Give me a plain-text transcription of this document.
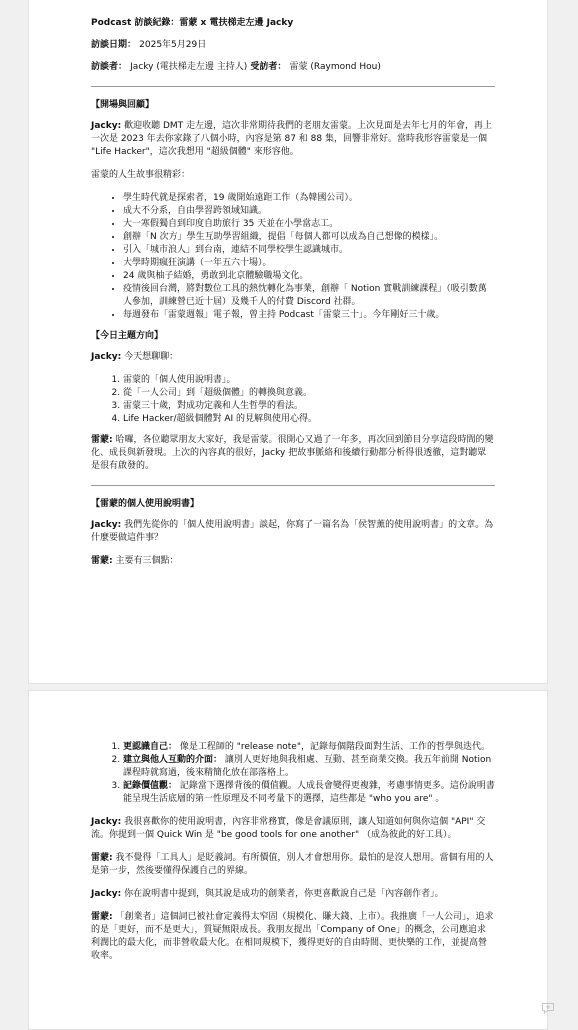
Podcast 訪談紀錄：雷蒙 x 電扶梯走左邊 Jacky

訪談日期： 2025年5月29日

訪談者： Jacky (電扶梯走左邊 主持人) 受訪者： 雷蒙 (Raymond Hou)

【開場與回顧】

Jacky: 歡迎收聽 DMT 走左邊，這次非常期待我們的老朋友雷蒙。上次見面是去年七月的年會，再上一次是 2023 年去你家錄了八個小時，內容是第 87 和 88 集，回響非常好。當時我形容雷蒙是一個 "Life Hacker"，這次我想用 "超級個體" 來形容他。

雷蒙的人生故事很精彩：

• 學生時代就是探索者，19 歲開始遠距工作（為韓國公司）。
• 成大不分系，自由學習跨領域知識。
• 大一寒假獨自到印度自助旅行 35 天並在小學當志工。
• 創辦「N 次方」學生互助學習組織，提倡「每個人都可以成為自己想像的模樣」。
• 引入「城市浪人」到台南，連結不同學校學生認識城市。
• 大學時期瘋狂演講（一年五六十場）。
• 24 歲與柚子結婚，勇敢到北京體驗職場文化。
• 疫情後回台灣，將對數位工具的熱忱轉化為事業，創辦「 Notion 實戰訓練課程」（吸引數萬人參加，訓練營已近十屆）及幾千人的付費 Discord 社群。
• 每週發布「雷蒙週報」電子報，曾主持 Podcast「雷蒙三十」。今年剛好三十歲。

【今日主題方向】

Jacky: 今天想聊聊：

1. 雷蒙的「個人使用說明書」。
2. 從「一人公司」到「超級個體」的轉換與意義。
3. 雷蒙三十歲，對成功定義和人生哲學的看法。
4. Life Hacker/超級個體對 AI 的見解與使用心得。

雷蒙: 哈囉，各位聽眾朋友大家好，我是雷蒙。很開心又過了一年多，再次回到節目分享這段時間的變化、成長與新發現。上次的內容真的很好，Jacky 把故事脈絡和後續行動都分析得很透徹，這對聽眾是很有啟發的。

【雷蒙的個人使用說明書】

Jacky: 我們先從你的「個人使用說明書」談起，你寫了一篇名為「侯智薰的使用說明書」的文章。為什麼要做這件事？

雷蒙: 主要有三個點：

1. 更認識自己： 像是工程師的 "release note"，記錄每個階段面對生活、工作的哲學與迭代。
2. 建立與他人互動的介面： 讓別人更好地與我相處、互動、甚至商業交換。我五年前開 Notion 課程時就寫過，後來精簡化放在部落格上。
3. 記錄價值觀： 記錄當下選擇背後的價值觀。人成長會變得更複雜，考慮事情更多。這份說明書能呈現生活底層的第一性原理及不同考量下的選擇，這些都是 "who you are" 。

Jacky: 我很喜歡你的使用說明書，內容非常務實，像是會議原則，讓人知道如何與你這個 "API" 交流。你提到一個 Quick Win 是 "be good tools for one another" （成為彼此的好工具）。

雷蒙: 我不覺得「工具人」是貶義詞。有所價值，別人才會想用你。最怕的是沒人想用。當個有用的人是第一步，然後要懂得保護自己的界線。

Jacky: 你在說明書中提到，與其說是成功的創業者，你更喜歡說自己是「內容創作者」。

雷蒙: 「創業者」這個詞已被社會定義得太窄固（規模化、賺大錢、上市）。我推廣「一人公司」，追求的是「更好，而不是更大」，質疑無限成長。我朋友提出「Company of One」的概念，公司應追求利潤比的最大化，而非營收最大化。在相同規模下，獲得更好的自由時間、更快樂的工作，並提高營收率。
